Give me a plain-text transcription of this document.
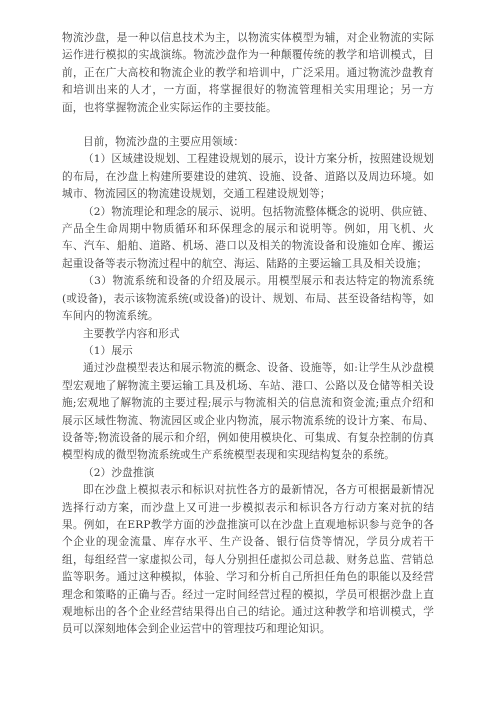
物流沙盘，是一种以信息技术为主，以物流实体模型为辅，对企业物流的实际运作进行模拟的实战演练。物流沙盘作为一种颠覆传统的教学和培训模式，目前，正在广大高校和物流企业的教学和培训中，广泛采用。通过物流沙盘教育和培训出来的人才，一方面，将掌握很好的物流管理相关实用理论；另一方面，也将掌握物流企业实际运作的主要技能。

目前，物流沙盘的主要应用领域：

（1）区域建设规划、工程建设规划的展示，设计方案分析，按照建设规划的布局，在沙盘上构建所要建设的建筑、设施、设备、道路以及周边环境。如城市、物流园区的物流建设规划，交通工程建设规划等；

（2）物流理论和理念的展示、说明。包括物流整体概念的说明、供应链、产品全生命周期中物质循环和环保理念的展示和说明等。例如，用飞机、火车、汽车、船舶、道路、机场、港口以及相关的物流设备和设施如仓库、搬运起重设备等表示物流过程中的航空、海运、陆路的主要运输工具及相关设施；

（3）物流系统和设备的介绍及展示。用模型展示和表达特定的物流系统(或设备)，表示该物流系统(或设备)的设计、规划、布局、甚至设备结构等，如车间内的物流系统。

主要教学内容和形式

（1）展示

通过沙盘模型表达和展示物流的概念、设备、设施等，如:让学生从沙盘模型宏观地了解物流主要运输工具及机场、车站、港口、公路以及仓储等相关设施;宏观地了解物流的主要过程;展示与物流相关的信息流和资金流;重点介绍和展示区域性物流、物流园区或企业内物流，展示物流系统的设计方案、布局、设备等;物流设备的展示和介绍，例如使用模块化、可集成、有复杂控制的仿真模型构成的微型物流系统或生产系统模型表现和实现结构复杂的系统。

（2）沙盘推演

即在沙盘上模拟表示和标识对抗性各方的最新情况，各方可根据最新情况选择行动方案，而沙盘上又可进一步模拟表示和标识各方行动方案对抗的结果。例如，在ERP教学方面的沙盘推演可以在沙盘上直观地标识参与竞争的各个企业的现金流量、库存水平、生产设备、银行信贷等情况，学员分成若干组，每组经营一家虚拟公司，每人分别担任虚拟公司总裁、财务总监、营销总监等职务。通过这种模拟，体验、学习和分析自己所担任角色的职能以及经营理念和策略的正确与否。经过一定时间经营过程的模拟，学员可根据沙盘上直观地标出的各个企业经营结果得出自己的结论。通过这种教学和培训模式，学员可以深刻地体会到企业运营中的管理技巧和理论知识。
